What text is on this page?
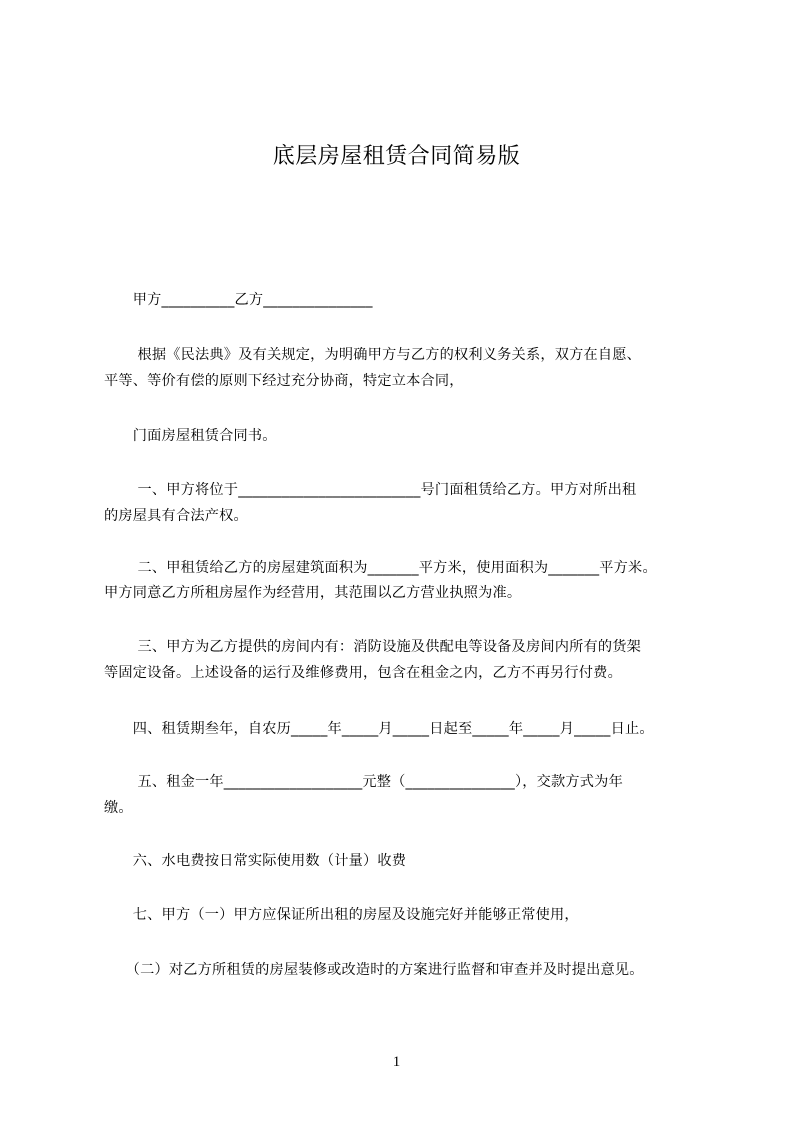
底层房屋租赁合同简易版
　　甲方__________乙方_______________
　　 根据《民法典》及有关规定，为明确甲方与乙方的权利义务关系，双方在自愿、
平等、等价有偿的原则下经过充分协商，特定立本合同，
　　门面房屋租赁合同书。
　　 一、甲方将位于_________________________号门面租赁给乙方。甲方对所出租
的房屋具有合法产权。
　　 二、甲租赁给乙方的房屋建筑面积为_______平方米，使用面积为_______平方米。
甲方同意乙方所租房屋作为经营用，其范围以乙方营业执照为准。
　　 三、甲方为乙方提供的房间内有：消防设施及供配电等设备及房间内所有的货架
等固定设备。上述设备的运行及维修费用，包含在租金之内，乙方不再另行付费。
　　四、租赁期叁年，自农历_____年_____月_____日起至_____年_____月_____日止。
　　 五、租金一年___________________元整（_______________），交款方式为年
缴。
　　六、水电费按日常实际使用数（计量）收费
　　七、甲方（一）甲方应保证所出租的房屋及设施完好并能够正常使用，
　　（二）对乙方所租赁的房屋装修或改造时的方案进行监督和审查并及时提出意见。
1
